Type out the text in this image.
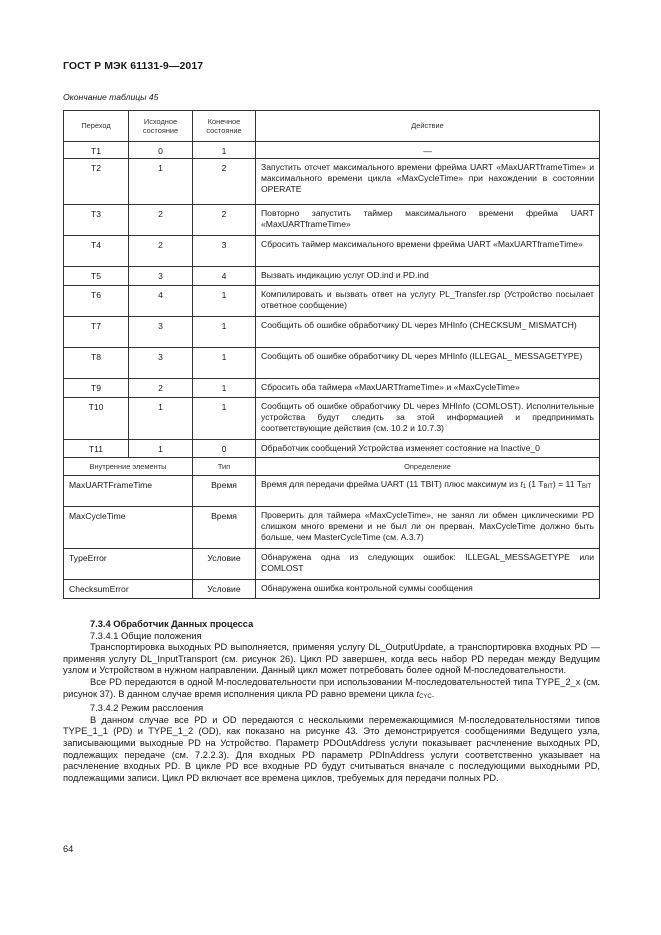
ГОСТ Р МЭК 61131-9—2017
Окончание таблицы 45
Переход	Исходное состояние	Конечное состояние	Действие
T1	0	1	—
T2	1	2	Запустить отсчет максимального времени фрейма UART «MaxUARTframeTime» и максимального времени цикла «MaxCycleTime» при нахождении в состоянии OPERATE
T3	2	2	Повторно запустить таймер максимального времени фрейма UART «MaxUARTframeTime»
T4	2	3	Сбросить таймер максимального времени фрейма UART «MaxUARTframeTime»
T5	3	4	Вызвать индикацию услуг OD.ind и PD.ind
T6	4	1	Компилировать и вызвать ответ на услугу PL_Transfer.rsp (Устройство посылает ответное сообщение)
T7	3	1	Сообщить об ошибке обработчику DL через MHInfo (CHECKSUM_ MISMATCH)
T8	3	1	Сообщить об ошибке обработчику DL через MHInfo (ILLEGAL_ MESSAGETYPE)
T9	2	1	Сбросить оба таймера «MaxUARTframeTime» и «MaxCycleTime»
T10	1	1	Сообщить об ошибке обработчику DL через MHInfo (COMLOST). Исполнительные устройства будут следить за этой информацией и предпринимать соответствующие действия (см. 10.2 и 10.7.3)
T11	1	0	Обработчик сообщений Устройства изменяет состояние на Inactive_0
Внутренние элементы		Тип	Определение
MaxUARTFrameTime		Время	Время для передачи фрейма UART (11 TBIT) плюс максимум из $t_1$ (1 $T_{BIT}) = 11$ $T_{BIT}$
MaxCycleTime		Время	Проверить для таймера «MaxCycleTime», не занял ли обмен циклическими PD слишком много времени и не был ли он прерван. MaxCycleTime должно быть больше, чем MasterCycleTime (см. A.3.7)
TypeError		Условие	Обнаружена одна из следующих ошибок: ILLEGAL_MESSAGETYPE или COMLOST
ChecksumError		Условие	Обнаружена ошибка контрольной суммы сообщения

7.3.4 Обработчик Данных процесса

7.3.4.1 Общие положения

Транспортировка выходных PD выполняется, применяя услугу DL_OutputUpdate, а транспортировка входных PD — применяя услугу DL_InputTransport (см. рисунок 26). Цикл PD завершен, когда весь набор PD передан между Ведущим узлом и Устройством в нужном направлении. Данный цикл может потребовать более одной М-последовательности.

Все PD передаются в одной М-последовательности при использовании М-последовательностей типа TYPE_2_x (см. рисунок 37). В данном случае время исполнения цикла PD равно времени цикла $t_{CYC}$.

7.3.4.2 Режим расслоения

В данном случае все PD и OD передаются с несколькими перемежающимися М-последовательностями типов TYPE_1_1 (PD) и TYPE_1_2 (OD), как показано на рисунке 43. Это демонстрируется сообщениями Ведущего узла, записывающими выходные PD на Устройство. Параметр PDOutAddress услуги показывает расчленение выходных PD, подлежащих передаче (см. 7.2.2.3). Для входных PD параметр PDInAddress услуги соответственно указывает на расчленение входных PD. В цикле PD все входные PD будут считываться вначале с последующими выходными PD, подлежащими записи. Цикл PD включает все времена циклов, требуемых для передачи полных PD.

64
